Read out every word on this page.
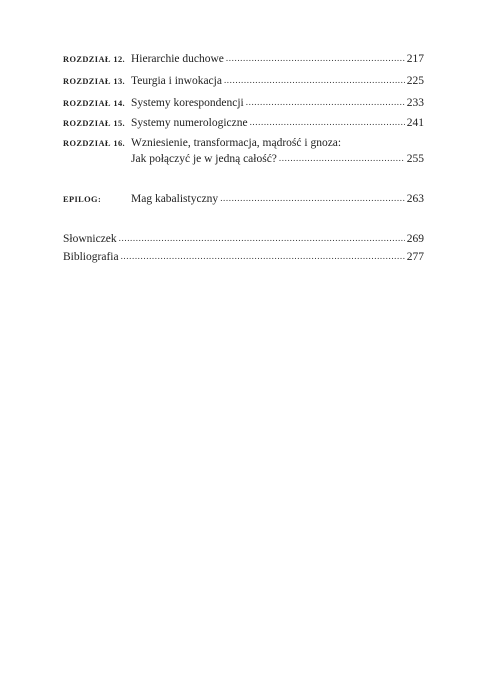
ROZDZIAŁ 12. Hierarchie duchowe .....	217
ROZDZIAŁ 13. Teurgia i inwokacja .....	225
ROZDZIAŁ 14. Systemy korespondencji .....	233
ROZDZIAŁ 15. Systemy numerologiczne .....	241
ROZDZIAŁ 16. Wzniesienie, transformacja, mądrość i gnoza:
Jak połączyć je w jedną całość? .....	255
EPILOG:	Mag kabalistyczny .....	263
Słowniczek .....	269
Bibliografia .....	277
